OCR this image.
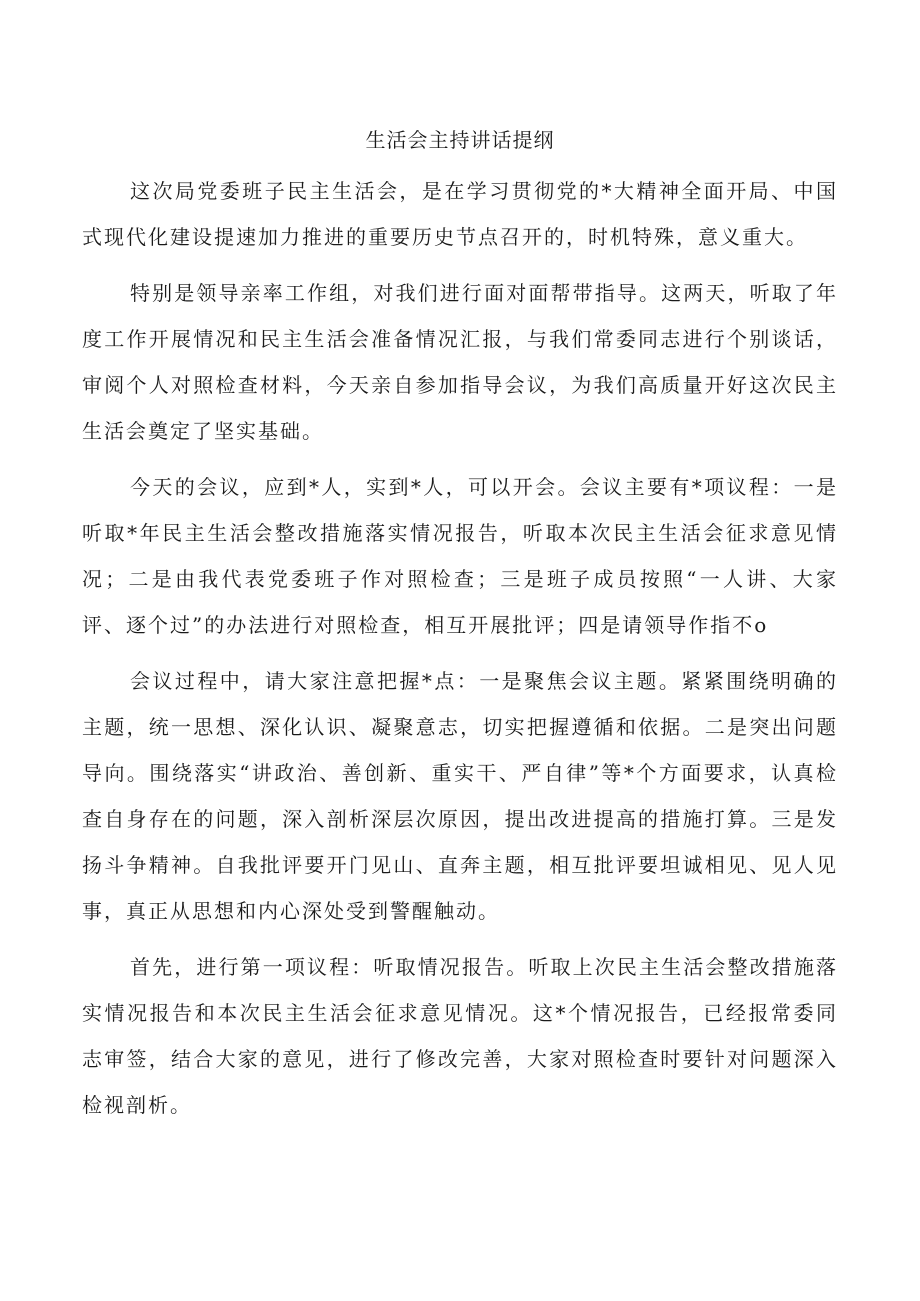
生活会主持讲话提纲

这次局党委班子民主生活会，是在学习贯彻党的*大精神全面开局、中国式现代化建设提速加力推进的重要历史节点召开的，时机特殊，意义重大。

特别是领导亲率工作组，对我们进行面对面帮带指导。这两天，听取了年度工作开展情况和民主生活会准备情况汇报，与我们常委同志进行个别谈话，审阅个人对照检查材料，今天亲自参加指导会议，为我们高质量开好这次民主生活会奠定了坚实基础。

今天的会议，应到*人，实到*人，可以开会。会议主要有*项议程：一是听取*年民主生活会整改措施落实情况报告，听取本次民主生活会征求意见情况；二是由我代表党委班子作对照检查；三是班子成员按照“一人讲、大家评、逐个过”的办法进行对照检查，相互开展批评；四是请领导作指不o

会议过程中，请大家注意把握*点：一是聚焦会议主题。紧紧围绕明确的主题，统一思想、深化认识、凝聚意志，切实把握遵循和依据。二是突出问题导向。围绕落实“讲政治、善创新、重实干、严自律”等*个方面要求，认真检查自身存在的问题，深入剖析深层次原因，提出改进提高的措施打算。三是发扬斗争精神。自我批评要开门见山、直奔主题，相互批评要坦诚相见、见人见事，真正从思想和内心深处受到警醒触动。

首先，进行第一项议程：听取情况报告。听取上次民主生活会整改措施落实情况报告和本次民主生活会征求意见情况。这*个情况报告，已经报常委同志审签，结合大家的意见，进行了修改完善，大家对照检查时要针对问题深入检视剖析。
